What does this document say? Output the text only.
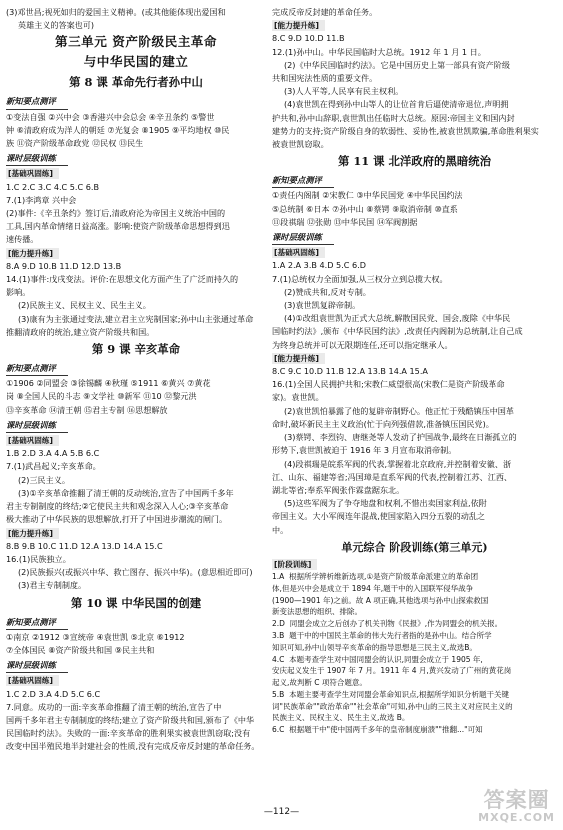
(3)邓世昌;视死如归的爱国主义精神。(或其他能体现出爱国和
英雄主义的答案也可)
第三单元 资产阶级民主革命
与中华民国的建立
第 8 课 革命先行者孙中山
新知要点测评
①变法自强 ②兴中会 ③香港兴中会总会 ④辛丑条约 ⑤警世
钟 ⑥清政府成为洋人的朝廷 ⑦光复会 ⑧1905 ⑨平均地权 ⑩民
族 ⑪资产阶级革命政党 ⑫民权 ⑬民生
课时层级训练
[基础巩固练]
1.C 2.C 3.C 4.C 5.C 6.B
7.(1)李鸿章 兴中会
(2)事件:《辛丑条约》签订后,清政府沦为帝国主义统治中国的
工具,国内革命情绪日益高涨。影响:使资产阶级革命思想得到迅
速传播。
[能力提升练]
8.A 9.D 10.B 11.D 12.D 13.B
14.(1)事件:戊戌变法。评价:在思想文化方面产生了广泛而持久的
影响。
(2)民族主义、民权主义、民生主义。
(3)康有为主张通过变法,建立君主立宪制国家;孙中山主张通过革命
推翻清政府的统治,建立资产阶级共和国。
第 9 课 辛亥革命
新知要点测评
①1906 ②同盟会 ③徐锡麟 ④秋瑾 ⑤1911 ⑥黄兴 ⑦黄花
岗 ⑧全国人民的斗志 ⑨文学社 ⑩新军 ⑪10 ⑫黎元洪
⑬辛亥革命 ⑭清王朝 ⑮君主专制 ⑯思想解放
课时层级训练
[基础巩固练]
1.B 2.D 3.A 4.A 5.B 6.C
7.(1)武昌起义;辛亥革命。
(2)三民主义。
(3)①辛亥革命推翻了清王朝的反动统治,宣告了中国两千多年
君主专制制度的终结;②它使民主共和观念深入人心;③辛亥革命
极大推动了中华民族的思想解放,打开了中国进步潮流的闸门。
[能力提升练]
8.B 9.B 10.C 11.D 12.A 13.D 14.A 15.C
16.(1)民族独立。
(2)民族振兴(或振兴中华、救亡图存、振兴中华)。(意思相近即可)
(3)君主专制制度。
第 10 课 中华民国的创建
新知要点测评
①南京 ②1912 ③宣统帝 ④袁世凯 ⑤北京 ⑥1912
⑦全体国民 ⑧资产阶级共和国 ⑨民主共和
课时层级训练
[基础巩固练]
1.C 2.D 3.A 4.D 5.C 6.C
7.同意。成功的一面:辛亥革命推翻了清王朝的统治,宣告了中
国两千多年君主专制制度的终结;建立了资产阶级共和国,颁布了《中华
民国临时约法》。失败的一面:辛亥革命的胜利果实被袁世凯窃取;没有
改变中国半殖民地半封建社会的性质,没有完成反帝反封建的革命任务。
完成反帝反封建的革命任务。
[能力提升练]
8.C 9.D 10.D 11.B
12.(1)孙中山。中华民国临时大总统。1912 年 1 月 1 日。
(2)《中华民国临时约法》。它是中国历史上第一部具有资产阶级
共和国宪法性质的重要文件。
(3)人人平等,人民享有民主权利。
(4)袁世凯在得到孙中山等人的让位首肯后逼使清帝退位,声明拥
护共和,孙中山辞职,袁世凯出任临时大总统。原因:帝国主义和国内封
建势力的支持;资产阶级自身的软弱性、妥协性,被袁世凯欺骗,革命胜利果实
被袁世凯窃取。
第 11 课 北洋政府的黑暗统治
新知要点测评
①责任内阁制 ②宋教仁 ③中华民国党 ④中华民国约法
⑤总统制 ⑥日本 ⑦孙中山 ⑧蔡锷 ⑨取消帝制 ⑩直系
⑪段祺瑞 ⑫张勋 ⑬中华民国 ⑭军阀割据
课时层级训练
[基础巩固练]
1.A 2.A 3.B 4.D 5.C 6.D
7.(1)总统权力全面加强,从三权分立到总揽大权。
(2)赞成共和,反对专制。
(3)袁世凯复辟帝制。
(4)①改组袁世凯为正式大总统,解散国民党、国会,废除《中华民
国临时约法》,颁布《中华民国约法》,改责任内阁制为总统制,让自己成
为终身总统并可以无限期连任,还可以指定继承人。
[能力提升练]
8.C 9.C 10.D 11.B 12.A 13.B 14.A 15.A
16.(1)全国人民拥护共和;宋教仁威望很高(宋教仁是资产阶级革命
家)。袁世凯。
(2)袁世凯怕暴露了他的复辟帝制野心。他正忙于残酷镇压中国革
命时,破坏新民主主义政治(忙于向列强借款,准备镇压国民党)。
(3)蔡锷、李烈钧、唐继尧等人发动了护国战争,最终在日渐孤立的
形势下,袁世凯被迫于 1916 年 3 月宣布取消帝制。
(4)段祺瑞是皖系军阀的代表,掌握着北京政府,并控制着安徽、浙
江、山东、福建等省;冯国璋是直系军阀的代表,控制着江苏、江西、
湖北等省;奉系军阀张作霖盘踞东北。
(5)这些军阀为了争夺地盘和权利,不惜出卖国家利益,依附
帝国主义。大小军阀连年混战,使国家陷入四分五裂的动乱之
中。
单元综合 阶段训练(第三单元)
[阶段训练]
1.A  根据所学辨析维新选项,①是资产阶级革命派建立的革命团
体,但是兴中会是成立于 1894 年,题干中的入国联军侵华战争
(1900—1901 年)之前。故 A 项正确,其他选项与孙中山探索救国
新变法思想的组织、排除。
2.D  同盟会成立之后创办了机关刊物《民报》,作为同盟会的机关报。
3.B  题干中的中国民主革命的伟大先行者指的是孙中山。结合所学
知识可知,孙中山领导辛亥革命的指导思想是三民主义,故选B。
4.C  本题考查学生对中国同盟会的认识,同盟会成立于 1905 年,
安庆起义发生于 1907 年 7 月。1911 年 4 月,黄兴发动了广州的黄花岗
起义,故判断 C 项符合题意。
5.B  本题主要考查学生对同盟会革命知识点,根据所学知识分析题干关键
词"民族革命""政治革命""社会革命"可知,孙中山的三民主义对应民主义的
民族主义、民权主义、民生主义,故选 B。
6.C  根据题干中"使中国两千多年的皇帝制度崩溃""推翻..."可知
—112—	答案圈
MXQE.COM
